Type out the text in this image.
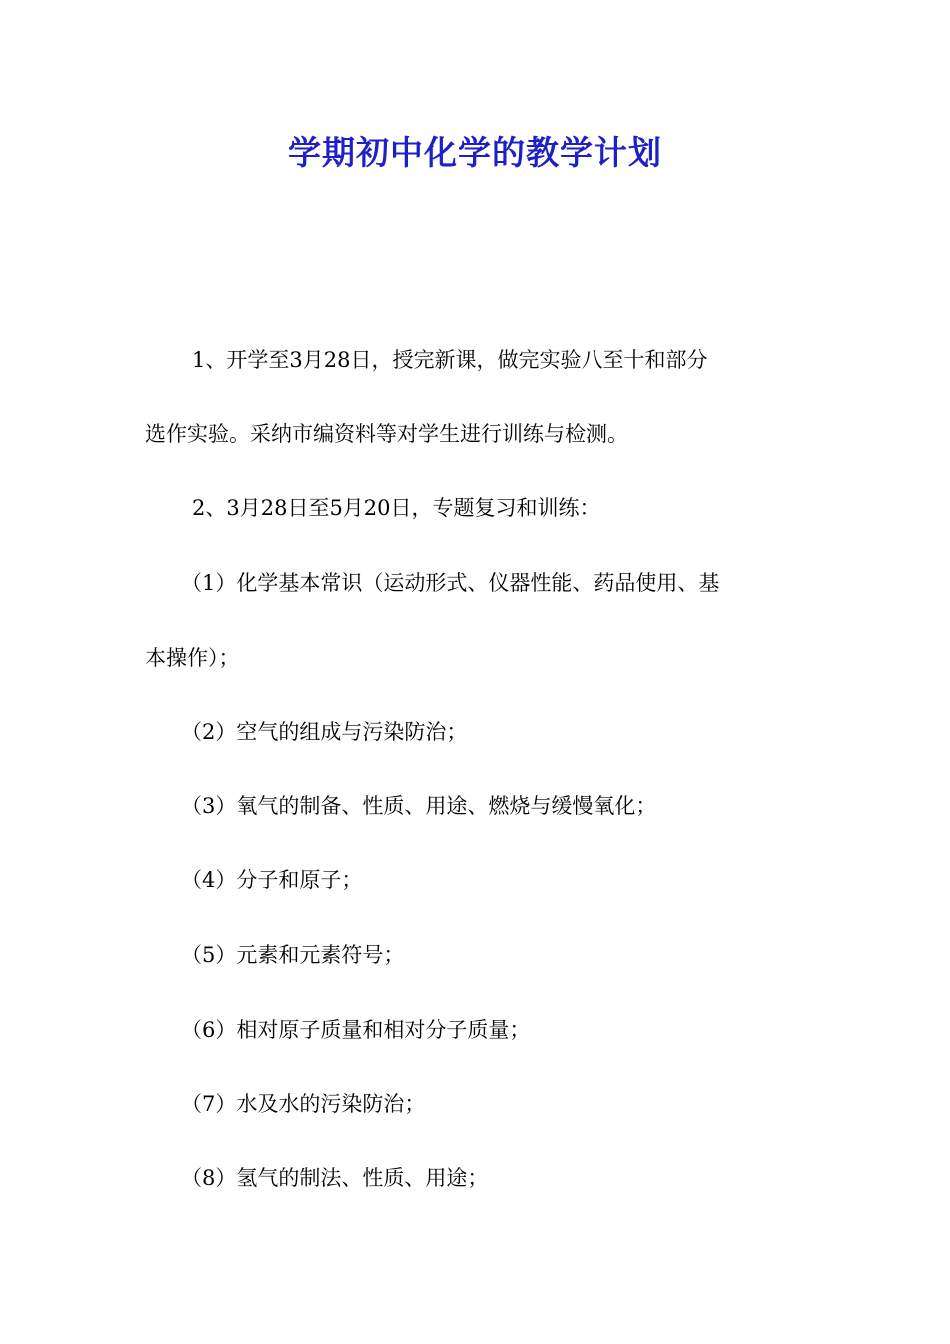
学期初中化学的教学计划

1、开学至3月28日，授完新课，做完实验八至十和部分

选作实验。采纳市编资料等对学生进行训练与检测。

2、3月28日至5月20日，专题复习和训练：

（1）化学基本常识（运动形式、仪器性能、药品使用、基

本操作）；

（2）空气的组成与污染防治；

（3）氧气的制备、性质、用途、燃烧与缓慢氧化；

（4）分子和原子；

（5）元素和元素符号；

（6）相对原子质量和相对分子质量；

（7）水及水的污染防治；

（8）氢气的制法、性质、用途；
